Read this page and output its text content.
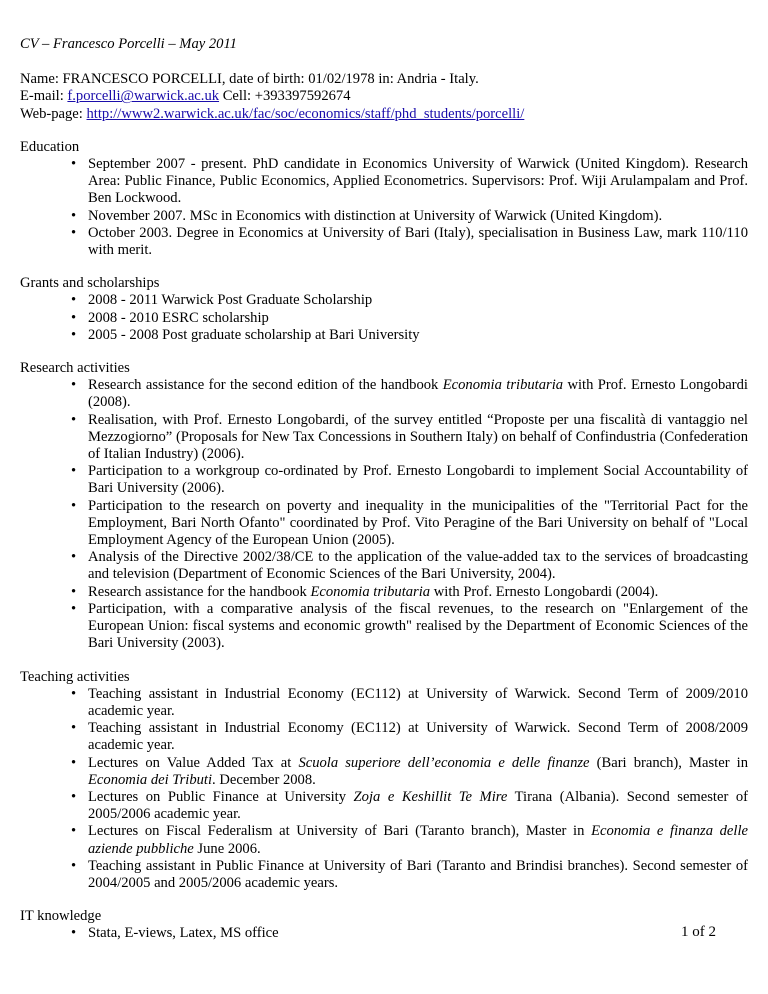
CV – Francesco Porcelli – May 2011

Name: FRANCESCO PORCELLI, date of birth: 01/02/1978 in: Andria - Italy.

E-mail: f.porcelli@warwick.ac.uk Cell: +393397592674

Web-page: http://www2.warwick.ac.uk/fac/soc/economics/staff/phd_students/porcelli/

Education

• September 2007 - present. PhD candidate in Economics University of Warwick (United Kingdom). Research Area: Public Finance, Public Economics, Applied Econometrics. Supervisors: Prof. Wiji Arulampalam and Prof. Ben Lockwood.
• November 2007. MSc in Economics with distinction at University of Warwick (United Kingdom).
• October 2003. Degree in Economics at University of Bari (Italy), specialisation in Business Law, mark 110/110 with merit.

Grants and scholarships

• 2008 - 2011 Warwick Post Graduate Scholarship
• 2008 - 2010 ESRC scholarship
• 2005 - 2008 Post graduate scholarship at Bari University

Research activities

• Research assistance for the second edition of the handbook Economia tributaria with Prof. Ernesto Longobardi (2008).
• Realisation, with Prof. Ernesto Longobardi, of the survey entitled “Proposte per una fiscalità di vantaggio nel Mezzogiorno” (Proposals for New Tax Concessions in Southern Italy) on behalf of Confindustria (Confederation of Italian Industry) (2006).
• Participation to a workgroup co-ordinated by Prof. Ernesto Longobardi to implement Social Accountability of Bari University (2006).
• Participation to the research on poverty and inequality in the municipalities of the "Territorial Pact for the Employment, Bari North Ofanto" coordinated by Prof. Vito Peragine of the Bari University on behalf of "Local Employment Agency of the European Union (2005).
• Analysis of the Directive 2002/38/CE to the application of the value-added tax to the services of broadcasting and television (Department of Economic Sciences of the Bari University, 2004).
• Research assistance for the handbook Economia tributaria with Prof. Ernesto Longobardi (2004).
• Participation, with a comparative analysis of the fiscal revenues, to the research on "Enlargement of the European Union: fiscal systems and economic growth" realised by the Department of Economic Sciences of the Bari University (2003).

Teaching activities

• Teaching assistant in Industrial Economy (EC112) at University of Warwick. Second Term of 2009/2010 academic year.
• Teaching assistant in Industrial Economy (EC112) at University of Warwick. Second Term of 2008/2009 academic year.
• Lectures on Value Added Tax at Scuola superiore dell’economia e delle finanze (Bari branch), Master in Economia dei Tributi. December 2008.
• Lectures on Public Finance at University Zoja e Keshillit Te Mire Tirana (Albania). Second semester of 2005/2006 academic year.
• Lectures on Fiscal Federalism at University of Bari (Taranto branch), Master in Economia e finanza delle aziende pubbliche June 2006.
• Teaching assistant in Public Finance at University of Bari (Taranto and Brindisi branches). Second semester of 2004/2005 and 2005/2006 academic years.

IT knowledge

• Stata, E-views, Latex, MS office	1 of 2
